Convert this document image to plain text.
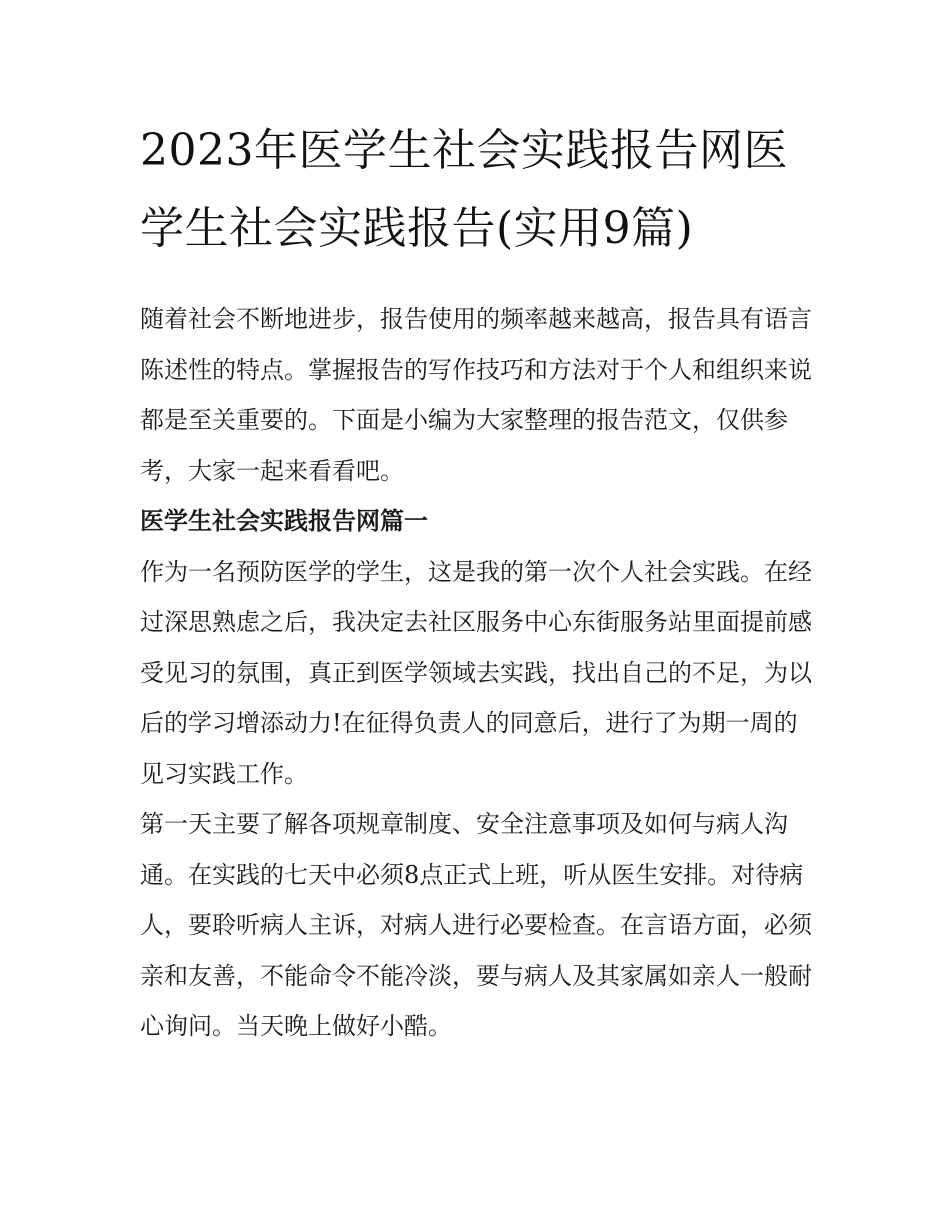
2023年医学生社会实践报告网医学生社会实践报告(实用9篇)

随着社会不断地进步，报告使用的频率越来越高，报告具有语言陈述性的特点。掌握报告的写作技巧和方法对于个人和组织来说都是至关重要的。下面是小编为大家整理的报告范文，仅供参考，大家一起来看看吧。

医学生社会实践报告网篇一

作为一名预防医学的学生，这是我的第一次个人社会实践。在经过深思熟虑之后，我决定去社区服务中心东街服务站里面提前感受见习的氛围，真正到医学领域去实践，找出自己的不足，为以后的学习增添动力!在征得负责人的同意后，进行了为期一周的见习实践工作。

第一天主要了解各项规章制度、安全注意事项及如何与病人沟通。在实践的七天中必须8点正式上班，听从医生安排。对待病人，要聆听病人主诉，对病人进行必要检查。在言语方面，必须亲和友善，不能命令不能冷淡，要与病人及其家属如亲人一般耐心询问。当天晚上做好小酷。
